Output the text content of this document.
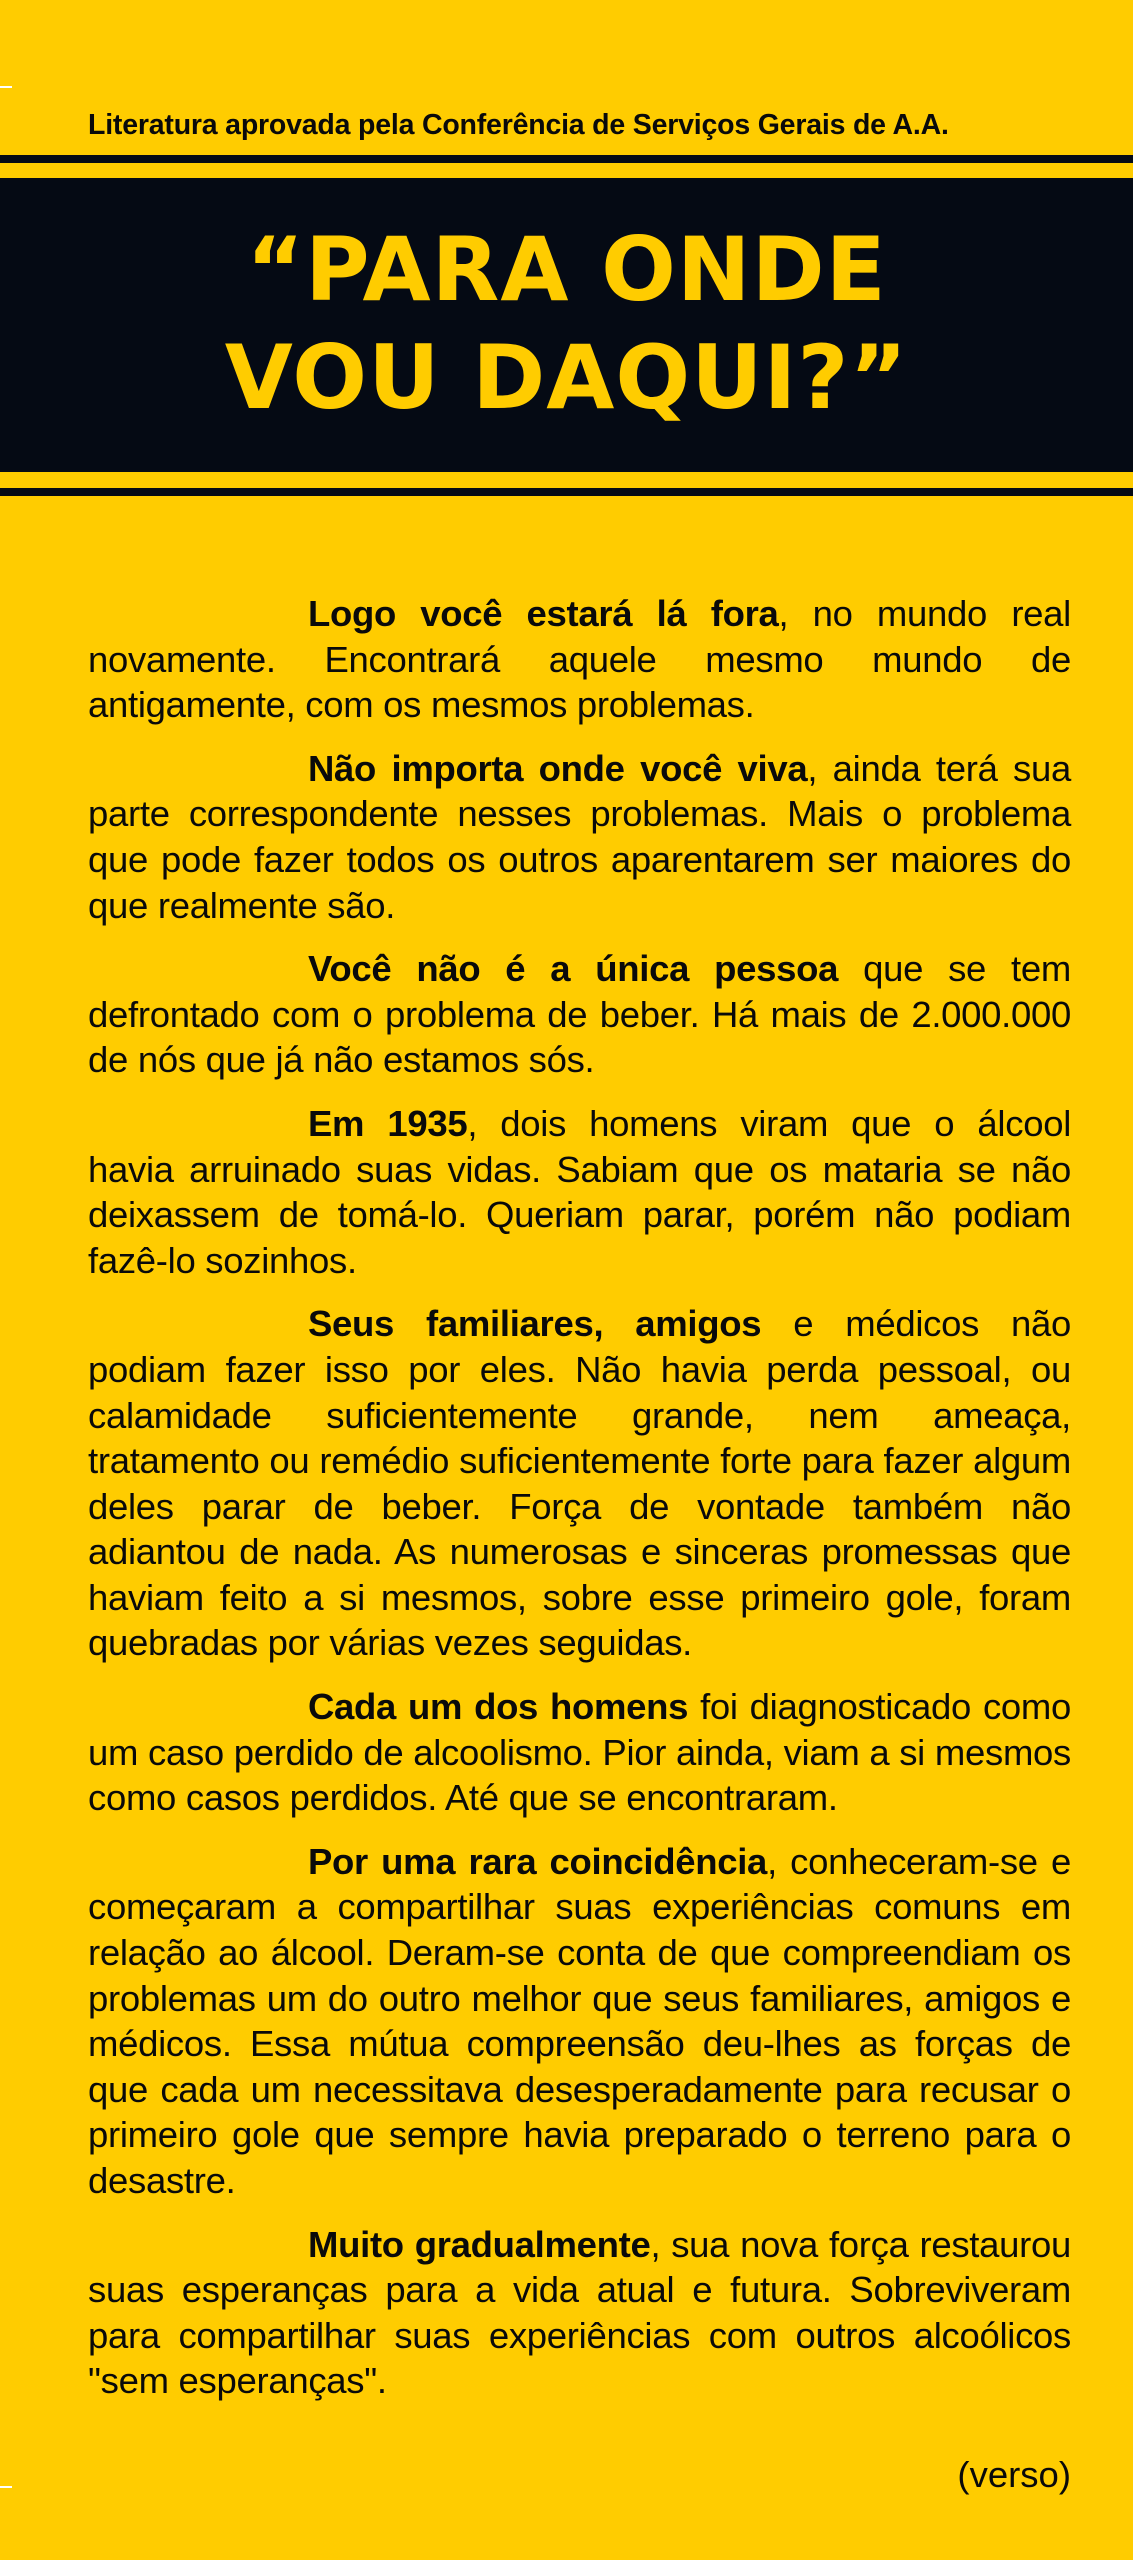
Literatura aprovada pela Conferência de Serviços Gerais de A.A.
“PARA ONDE
VOU DAQUI?”

Logo você estará lá fora, no mundo real novamente. Encontrará aquele mesmo mundo de antigamente, com os mesmos problemas.

Não importa onde você viva, ainda terá sua parte correspondente nesses problemas. Mais o problema que pode fazer todos os outros aparentarem ser maiores do que realmente são.

Você não é a única pessoa que se tem defrontado com o problema de beber. Há mais de 2.000.000 de nós que já não estamos sós.

Em 1935, dois homens viram que o álcool havia arruinado suas vidas. Sabiam que os mataria se não deixassem de tomá-lo. Queriam parar, porém não podiam fazê-lo sozinhos.

Seus familiares, amigos e médicos não podiam fazer isso por eles. Não havia perda pessoal, ou calamidade suficientemente grande, nem ameaça, tratamento ou remédio suficientemente forte para fazer algum deles parar de beber. Força de vontade também não adiantou de nada. As numerosas e sinceras promessas que haviam feito a si mesmos, sobre esse primeiro gole, foram quebradas por várias vezes seguidas.

Cada um dos homens foi diagnosticado como um caso perdido de alcoolismo. Pior ainda, viam a si mesmos como casos perdidos. Até que se encontraram.

Por uma rara coincidência, conheceram-se e começaram a compartilhar suas experiências comuns em relação ao álcool. Deram-se conta de que compreendiam os problemas um do outro melhor que seus familiares, amigos e médicos. Essa mútua compreensão deu-lhes as forças de que cada um necessitava desesperadamente para recusar o primeiro gole que sempre havia preparado o terreno para o desastre.

Muito gradualmente, sua nova força restaurou suas esperanças para a vida atual e futura. Sobreviveram para compartilhar suas experiências com outros alcoólicos "sem esperanças".

(verso)
